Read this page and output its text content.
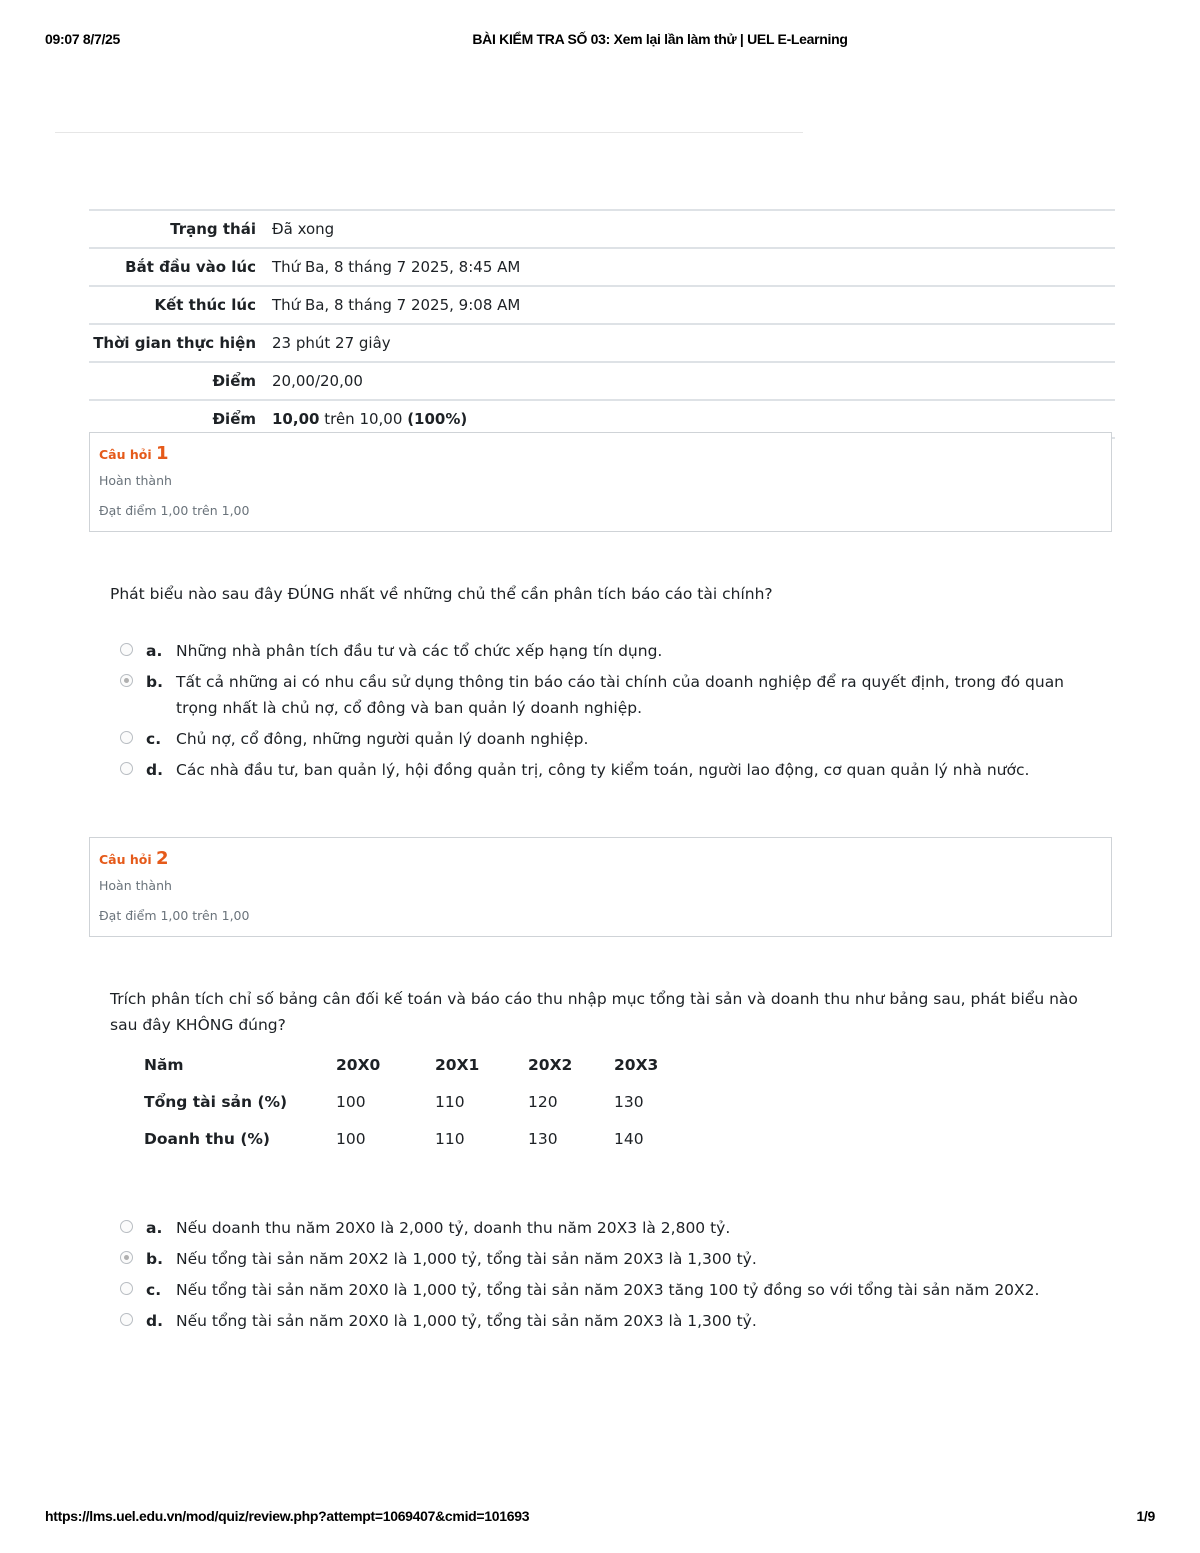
09:07 8/7/25	BÀI KIỂM TRA SỐ 03: Xem lại lần làm thử | UEL E-Learning
Trạng thái	Đã xong
Bắt đầu vào lúc	Thứ Ba, 8 tháng 7 2025, 8:45 AM
Kết thúc lúc	Thứ Ba, 8 tháng 7 2025, 9:08 AM
Thời gian thực hiện	23 phút 27 giây
Điểm	20,00/20,00
Điểm	10,00 trên 10,00 (100%)
Câu hỏi 1
Hoàn thành
Đạt điểm 1,00 trên 1,00
Phát biểu nào sau đây ĐÚNG nhất về những chủ thể cần phân tích báo cáo tài chính?
a. Những nhà phân tích đầu tư và các tổ chức xếp hạng tín dụng.
b. Tất cả những ai có nhu cầu sử dụng thông tin báo cáo tài chính của doanh nghiệp để ra quyết định, trong đó quan trọng nhất là chủ nợ, cổ đông và ban quản lý doanh nghiệp.
c. Chủ nợ, cổ đông, những người quản lý doanh nghiệp.
d. Các nhà đầu tư, ban quản lý, hội đồng quản trị, công ty kiểm toán, người lao động, cơ quan quản lý nhà nước.
Câu hỏi 2
Hoàn thành
Đạt điểm 1,00 trên 1,00
Trích phân tích chỉ số bảng cân đối kế toán và báo cáo thu nhập mục tổng tài sản và doanh thu như bảng sau, phát biểu nào sau đây KHÔNG đúng?
Năm	20X0	20X1	20X2	20X3
Tổng tài sản (%)	100	110	120	130
Doanh thu (%)	100	110	130	140
a. Nếu doanh thu năm 20X0 là 2,000 tỷ, doanh thu năm 20X3 là 2,800 tỷ.
b. Nếu tổng tài sản năm 20X2 là 1,000 tỷ, tổng tài sản năm 20X3 là 1,300 tỷ.
c. Nếu tổng tài sản năm 20X0 là 1,000 tỷ, tổng tài sản năm 20X3 tăng 100 tỷ đồng so với tổng tài sản năm 20X2.
d. Nếu tổng tài sản năm 20X0 là 1,000 tỷ, tổng tài sản năm 20X3 là 1,300 tỷ.
https://lms.uel.edu.vn/mod/quiz/review.php?attempt=1069407&cmid=101693	1/9
